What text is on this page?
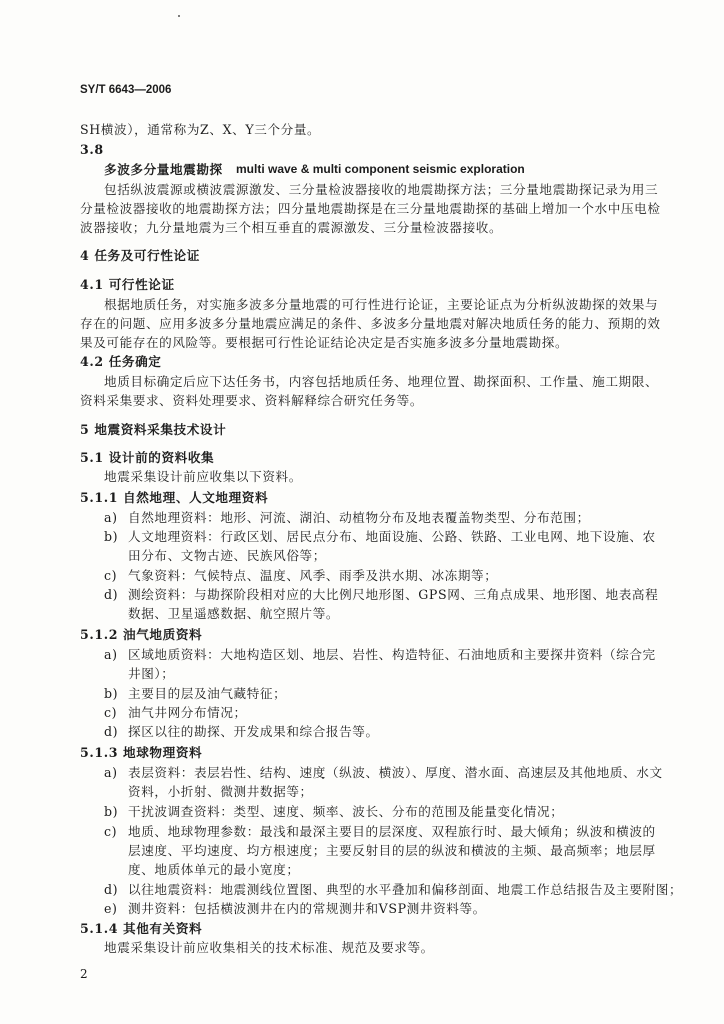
SY/T 6643—2006
SH横波），通常称为Z、X、Y三个分量。
3.8
多波多分量地震勘探 multi wave & multi component seismic exploration
包括纵波震源或横波震源激发、三分量检波器接收的地震勘探方法；三分量地震勘探记录为用三
分量检波器接收的地震勘探方法；四分量地震勘探是在三分量地震勘探的基础上增加一个水中压电检
波器接收；九分量地震为三个相互垂直的震源激发、三分量检波器接收。
4 任务及可行性论证
4.1 可行性论证
根据地质任务，对实施多波多分量地震的可行性进行论证，主要论证点为分析纵波勘探的效果与
存在的问题、应用多波多分量地震应满足的条件、多波多分量地震对解决地质任务的能力、预期的效
果及可能存在的风险等。要根据可行性论证结论决定是否实施多波多分量地震勘探。
4.2 任务确定
地质目标确定后应下达任务书，内容包括地质任务、地理位置、勘探面积、工作量、施工期限、
资料采集要求、资料处理要求、资料解释综合研究任务等。
5 地震资料采集技术设计
5.1 设计前的资料收集
地震采集设计前应收集以下资料。
5.1.1 自然地理、人文地理资料
a) 自然地理资料：地形、河流、湖泊、动植物分布及地表覆盖物类型、分布范围；
b) 人文地理资料：行政区划、居民点分布、地面设施、公路、铁路、工业电网、地下设施、农
田分布、文物古迹、民族风俗等；
c) 气象资料：气候特点、温度、风季、雨季及洪水期、冰冻期等；
d) 测绘资料：与勘探阶段相对应的大比例尺地形图、GPS网、三角点成果、地形图、地表高程
数据、卫星遥感数据、航空照片等。
5.1.2 油气地质资料
a) 区域地质资料：大地构造区划、地层、岩性、构造特征、石油地质和主要探井资料（综合完
井图）；
b) 主要目的层及油气藏特征；
c) 油气井网分布情况；
d) 探区以往的勘探、开发成果和综合报告等。
5.1.3 地球物理资料
a) 表层资料：表层岩性、结构、速度（纵波、横波）、厚度、潜水面、高速层及其他地质、水文
资料，小折射、微测井数据等；
b) 干扰波调查资料：类型、速度、频率、波长、分布的范围及能量变化情况；
c) 地质、地球物理参数：最浅和最深主要目的层深度、双程旅行时、最大倾角；纵波和横波的
层速度、平均速度、均方根速度；主要反射目的层的纵波和横波的主频、最高频率；地层厚
度、地质体单元的最小宽度；
d) 以往地震资料：地震测线位置图、典型的水平叠加和偏移剖面、地震工作总结报告及主要附图；
e) 测井资料：包括横波测井在内的常规测井和VSP测井资料等。
5.1.4 其他有关资料
地震采集设计前应收集相关的技术标准、规范及要求等。
2
